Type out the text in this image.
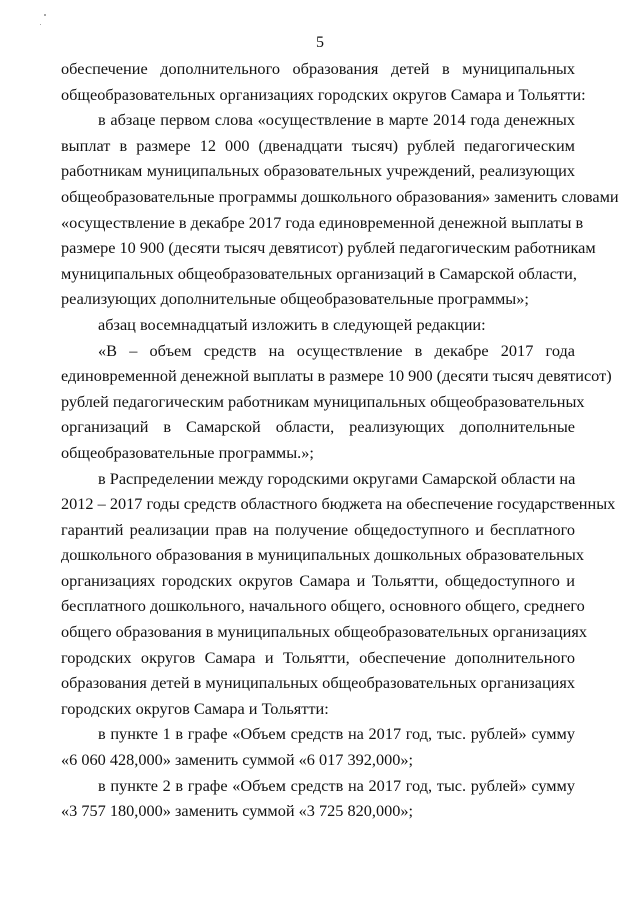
5
обеспечение дополнительного образования детей в муниципальных
общеобразовательных организациях городских округов Самара и Тольятти:
в абзаце первом слова «осуществление в марте 2014 года денежных
выплат в размере 12 000 (двенадцати тысяч) рублей педагогическим
работникам муниципальных образовательных учреждений, реализующих
общеобразовательные программы дошкольного образования» заменить словами
«осуществление в декабре 2017 года единовременной денежной выплаты в
размере 10 900 (десяти тысяч девятисот) рублей педагогическим работникам
муниципальных общеобразовательных организаций в Самарской области,
реализующих дополнительные общеобразовательные программы»;
абзац восемнадцатый изложить в следующей редакции:
«В – объем средств на осуществление в декабре 2017 года
единовременной денежной выплаты в размере 10 900 (десяти тысяч девятисот)
рублей педагогическим работникам муниципальных общеобразовательных
организаций в Самарской области, реализующих дополнительные
общеобразовательные программы.»;
в Распределении между городскими округами Самарской области на
2012 – 2017 годы средств областного бюджета на обеспечение государственных
гарантий реализации прав на получение общедоступного и бесплатного
дошкольного образования в муниципальных дошкольных образовательных
организациях городских округов Самара и Тольятти, общедоступного и
бесплатного дошкольного, начального общего, основного общего, среднего
общего образования в муниципальных общеобразовательных организациях
городских округов Самара и Тольятти, обеспечение дополнительного
образования детей в муниципальных общеобразовательных организациях
городских округов Самара и Тольятти:
в пункте 1 в графе «Объем средств на 2017 год, тыс. рублей» сумму
«6 060 428,000» заменить суммой «6 017 392,000»;
в пункте 2 в графе «Объем средств на 2017 год, тыс. рублей» сумму
«3 757 180,000» заменить суммой «3 725 820,000»;
